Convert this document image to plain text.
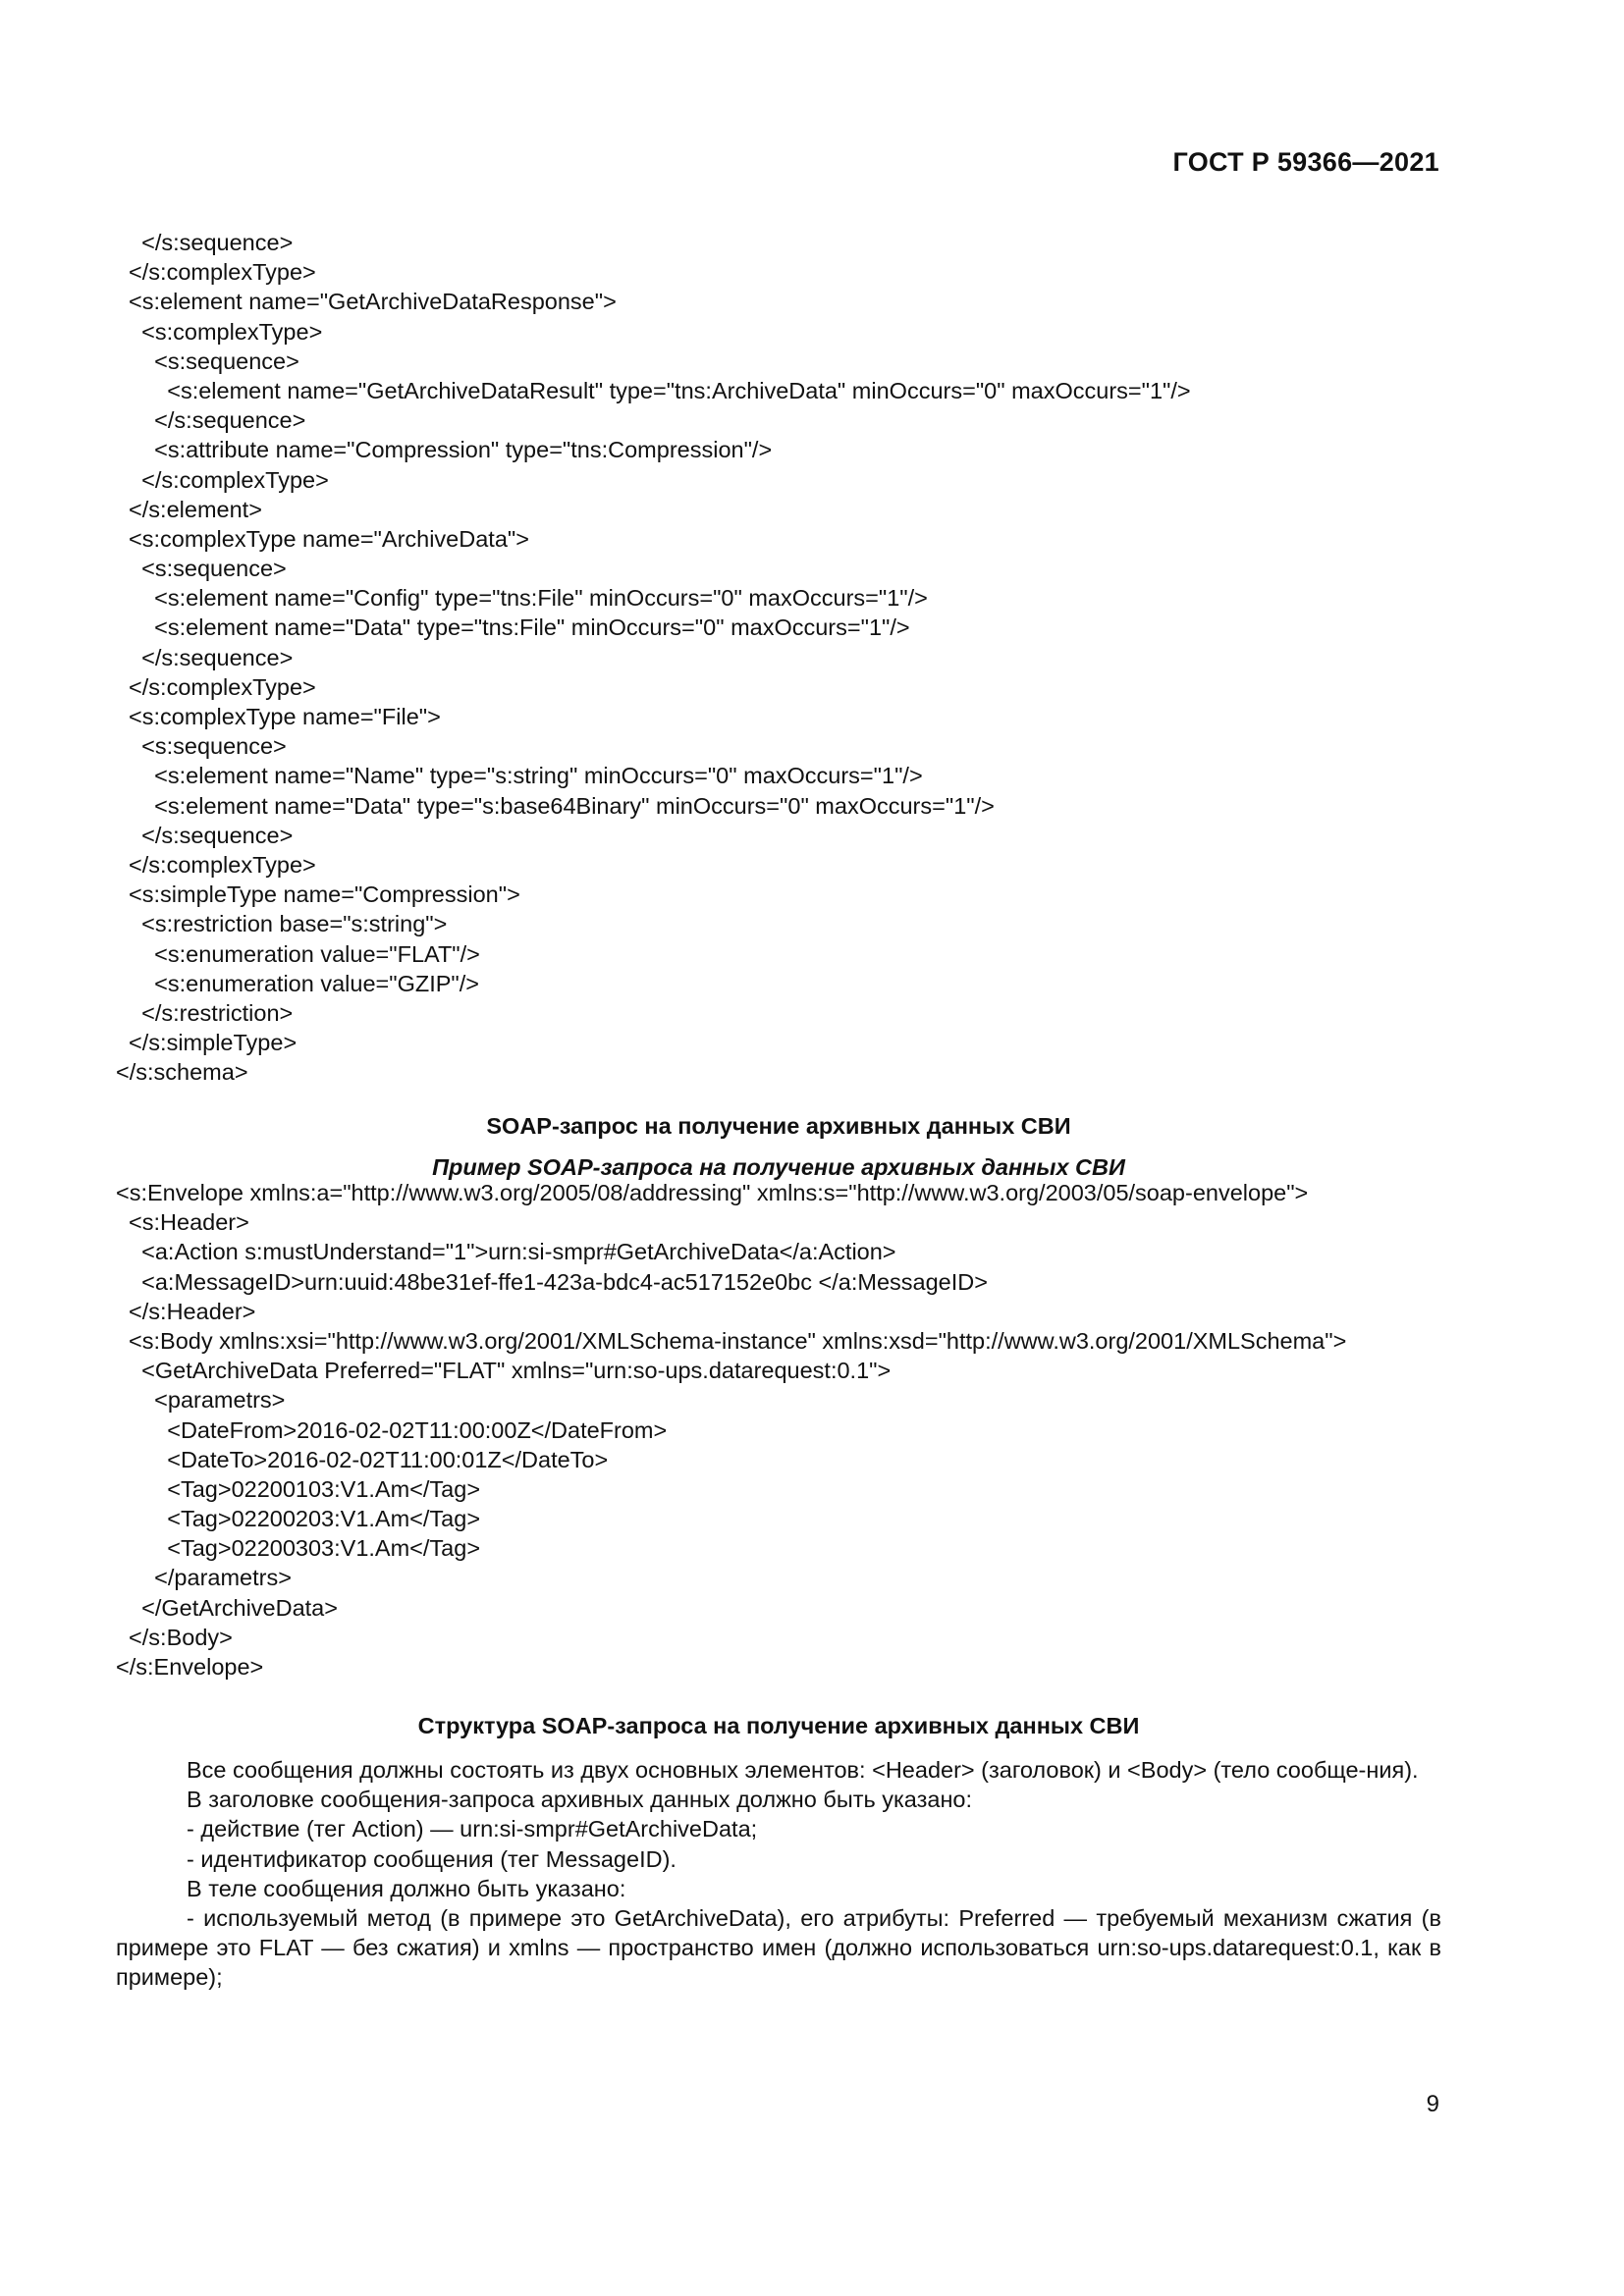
ГОСТ Р 59366—2021
</s:sequence>
</s:complexType>
<s:element name="GetArchiveDataResponse">
<s:complexType>
<s:sequence>
<s:element name="GetArchiveDataResult" type="tns:ArchiveData" minOccurs="0" maxOccurs="1"/>
</s:sequence>
<s:attribute name="Compression" type="tns:Compression"/>
</s:complexType>
</s:element>
<s:complexType name="ArchiveData">
<s:sequence>
<s:element name="Config" type="tns:File" minOccurs="0" maxOccurs="1"/>
<s:element name="Data" type="tns:File" minOccurs="0" maxOccurs="1"/>
</s:sequence>
</s:complexType>
<s:complexType name="File">
<s:sequence>
<s:element name="Name" type="s:string" minOccurs="0" maxOccurs="1"/>
<s:element name="Data" type="s:base64Binary" minOccurs="0" maxOccurs="1"/>
</s:sequence>
</s:complexType>
<s:simpleType name="Compression">
<s:restriction base="s:string">
<s:enumeration value="FLAT"/>
<s:enumeration value="GZIP"/>
</s:restriction>
</s:simpleType>
</s:schema>
SOAP-запрос на получение архивных данных СВИ
Пример SOAP-запроса на получение архивных данных СВИ
<s:Envelope xmlns:a="http://www.w3.org/2005/08/addressing" xmlns:s="http://www.w3.org/2003/05/soap-envelope">
<s:Header>
<a:Action s:mustUnderstand="1">urn:si-smpr#GetArchiveData</a:Action>
<a:MessageID>urn:uuid:48be31ef-ffe1-423a-bdc4-ac517152e0bc </a:MessageID>
</s:Header>
<s:Body xmlns:xsi="http://www.w3.org/2001/XMLSchema-instance" xmlns:xsd="http://www.w3.org/2001/XMLSchema">
<GetArchiveData Preferred="FLAT" xmlns="urn:so-ups.datarequest:0.1">
<parametrs>
<DateFrom>2016-02-02T11:00:00Z</DateFrom>
<DateTo>2016-02-02T11:00:01Z</DateTo>
<Tag>02200103:V1.Am</Tag>
<Tag>02200203:V1.Am</Tag>
<Tag>02200303:V1.Am</Tag>
</parametrs>
</GetArchiveData>
</s:Body>
</s:Envelope>
Структура SOAP-запроса на получение архивных данных СВИ

Все сообщения должны состоять из двух основных элементов: <Header> (заголовок) и <Body> (тело сообще-ния).

В заголовке сообщения-запроса архивных данных должно быть указано:

- действие (тег Action) — urn:si-smpr#GetArchiveData;

- идентификатор сообщения (тег MessageID).

В теле сообщения должно быть указано:

- используемый метод (в примере это GetArchiveData), его атрибуты: Preferred — требуемый механизм сжатия (в примере это FLAT — без сжатия) и xmlns — пространство имен (должно использоваться urn:so-ups.datarequest:0.1, как в примере);

9
